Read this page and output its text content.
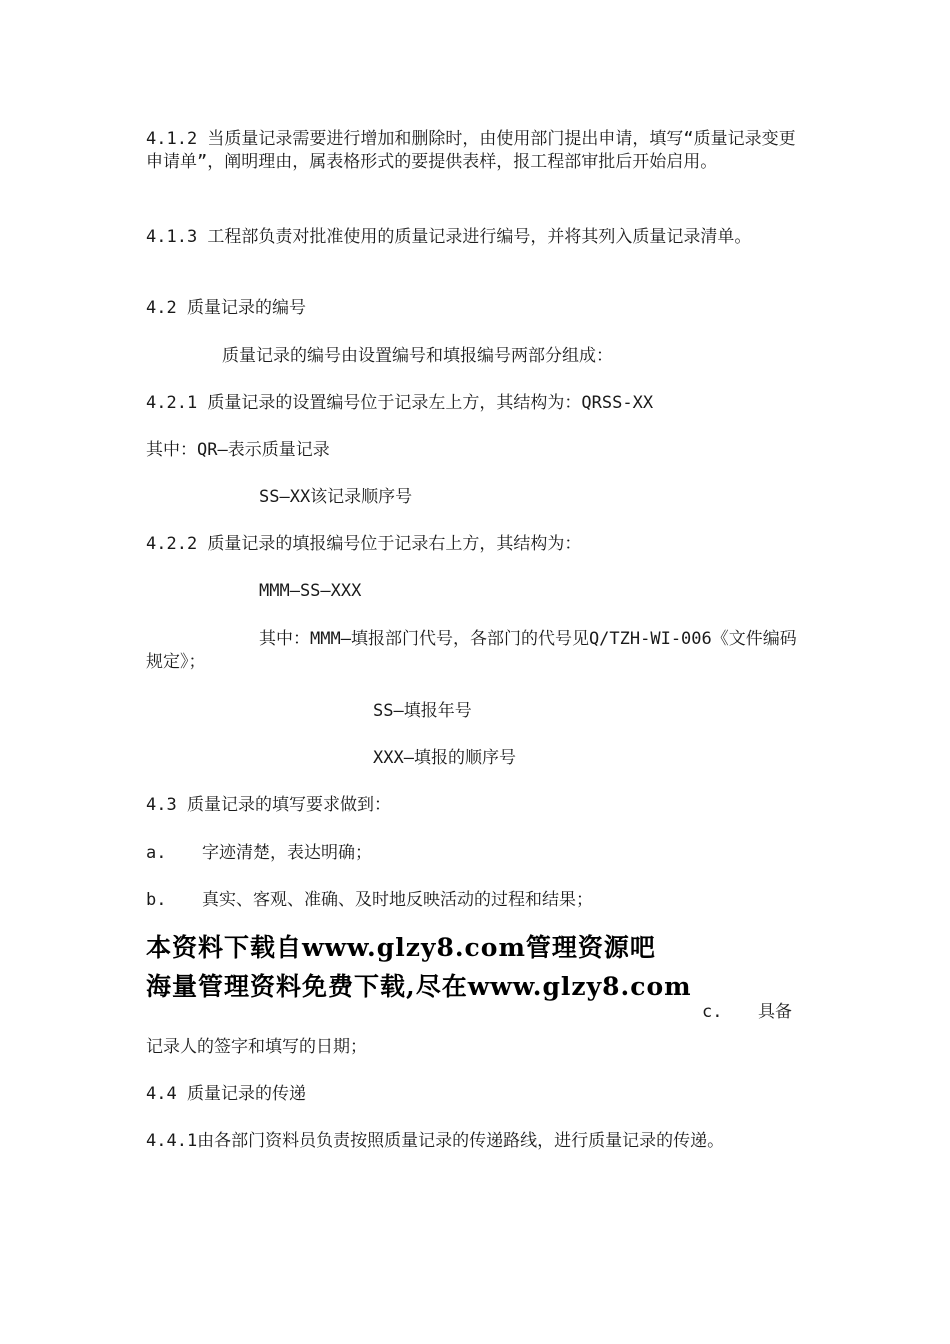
4.1.2 当质量记录需要进行增加和删除时，由使用部门提出申请，填写“质量记录变更申请单”，阐明理由，属表格形式的要提供表样，报工程部审批后开始启用。

4.1.3 工程部负责对批准使用的质量记录进行编号，并将其列入质量记录清单。

4.2 质量记录的编号

质量记录的编号由设置编号和填报编号两部分组成：

4.2.1 质量记录的设置编号位于记录左上方，其结构为：QRSS-XX

其中：QR—表示质量记录

SS—XX该记录顺序号

4.2.2 质量记录的填报编号位于记录右上方，其结构为：

MMM—SS—XXX

其中：MMM—填报部门代号，各部门的代号见Q/TZH-WI-006《文件编码规定》；

SS—填报年号

XXX—填报的顺序号

4.3 质量记录的填写要求做到：

a. 字迹清楚，表达明确；

b. 真实、客观、准确、及时地反映活动的过程和结果；

本资料下载自www.glzy8.com管理资源吧
海量管理资料免费下载,尽在www.glzy8.com

c. 具备

记录人的签字和填写的日期；

4.4 质量记录的传递

4.4.1由各部门资料员负责按照质量记录的传递路线，进行质量记录的传递。
